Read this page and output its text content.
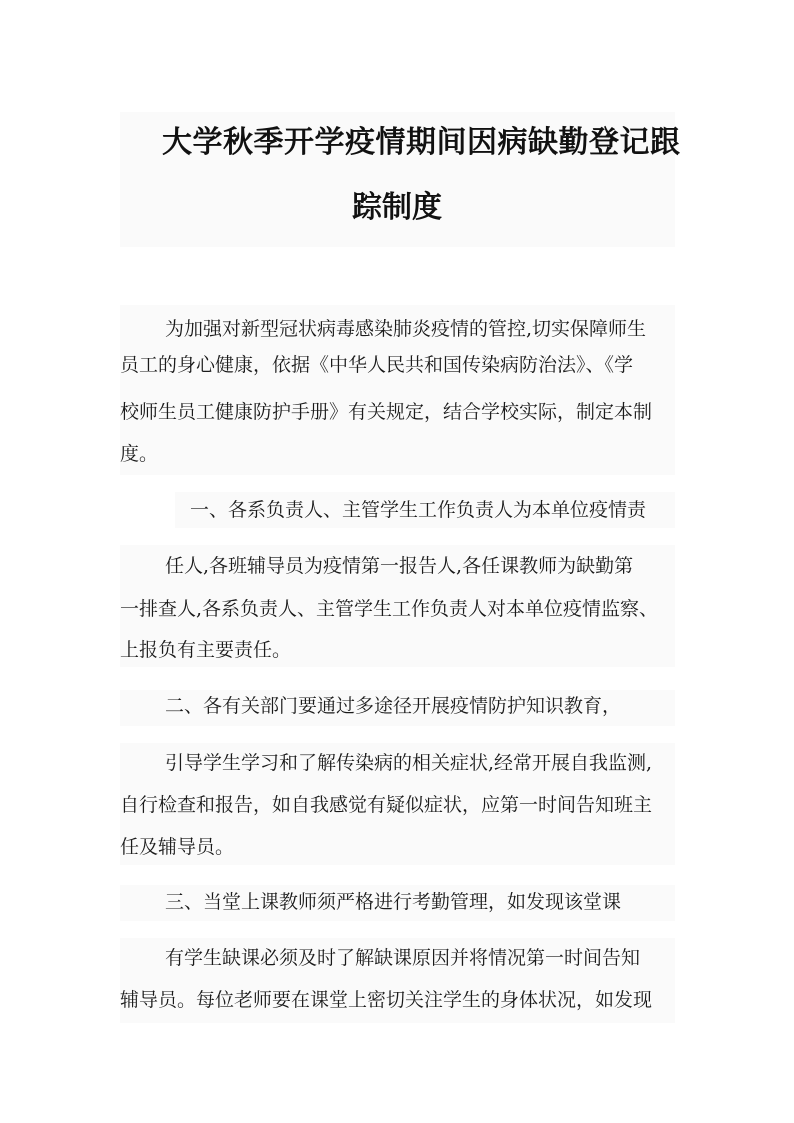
大学秋季开学疫情期间因病缺勤登记跟
踪制度
为加强对新型冠状病毒感染肺炎疫情的管控,切实保障师生
员工的身心健康，依据《中华人民共和国传染病防治法》、《学
校师生员工健康防护手册》有关规定，结合学校实际，制定本制
度。
一、各系负责人、主管学生工作负责人为本单位疫情责
任人,各班辅导员为疫情第一报告人,各任课教师为缺勤第
一排查人,各系负责人、主管学生工作负责人对本单位疫情监察、
上报负有主要责任。
二、各有关部门要通过多途径开展疫情防护知识教育，
引导学生学习和了解传染病的相关症状,经常开展自我监测,
自行检查和报告，如自我感觉有疑似症状，应第一时间告知班主
任及辅导员。
三、当堂上课教师须严格进行考勤管理，如发现该堂课
有学生缺课必须及时了解缺课原因并将情况第一时间告知
辅导员。每位老师要在课堂上密切关注学生的身体状况，如发现
